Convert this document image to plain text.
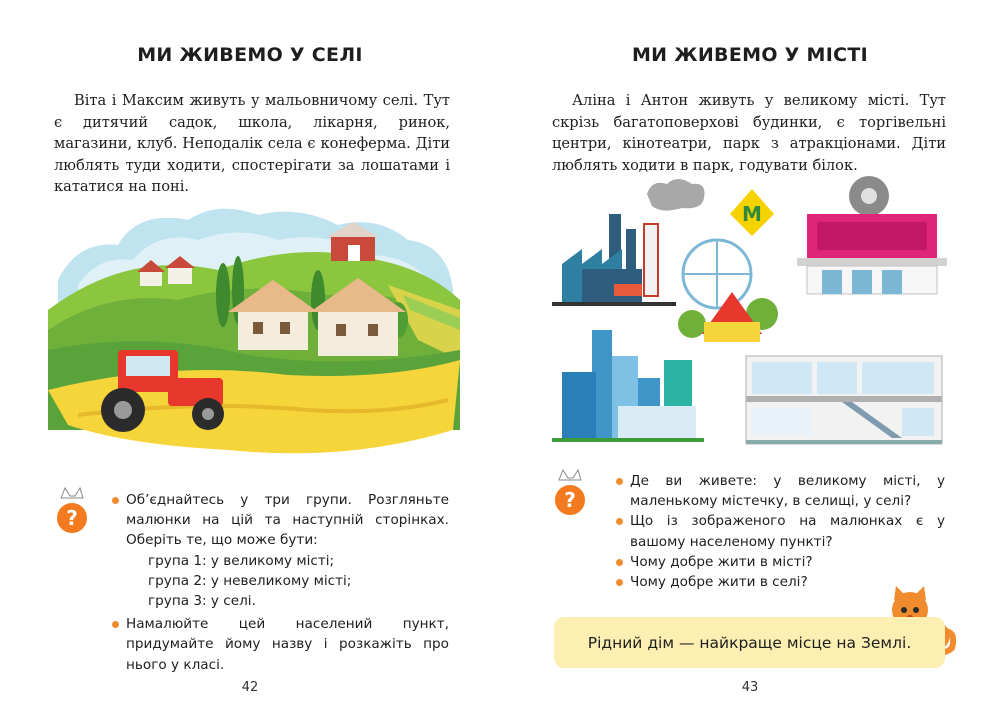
МИ ЖИВЕМО У СЕЛІ
Віта і Максим живуть у мальовничому селі. Тут є дитячий садок, школа, лікарня, ринок, магазини, клуб. Неподалік села є конеферма. Діти люблять туди ходити, спостерігати за лошатами і кататися на поні.
?
Об’єднайтесь у три групи. Розгляньте малюнки на цій та наступній сторінках. Оберіть те, що може бути:
група 1: у великому місті;
група 2: у невеликому місті;
група 3: у селі.
Намалюйте цей населений пункт, придумайте йому назву і розкажіть про нього у класі.
42
МИ ЖИВЕМО У МІСТІ
Аліна і Антон живуть у великому місті. Тут скрізь багатоповерхові будинки, є торгівельні центри, кінотеатри, парк з атракціонами. Діти люблять ходити в парк, годувати білок.
М
?
Де ви живете: у великому місті, у маленькому містечку, в селищі, у селі?
Що із зображеного на малюнках є у вашому населеному пункті?
Чому добре жити в місті?
Чому добре жити в селі?
Рідний дім — найкраще місце на Землі.
43
